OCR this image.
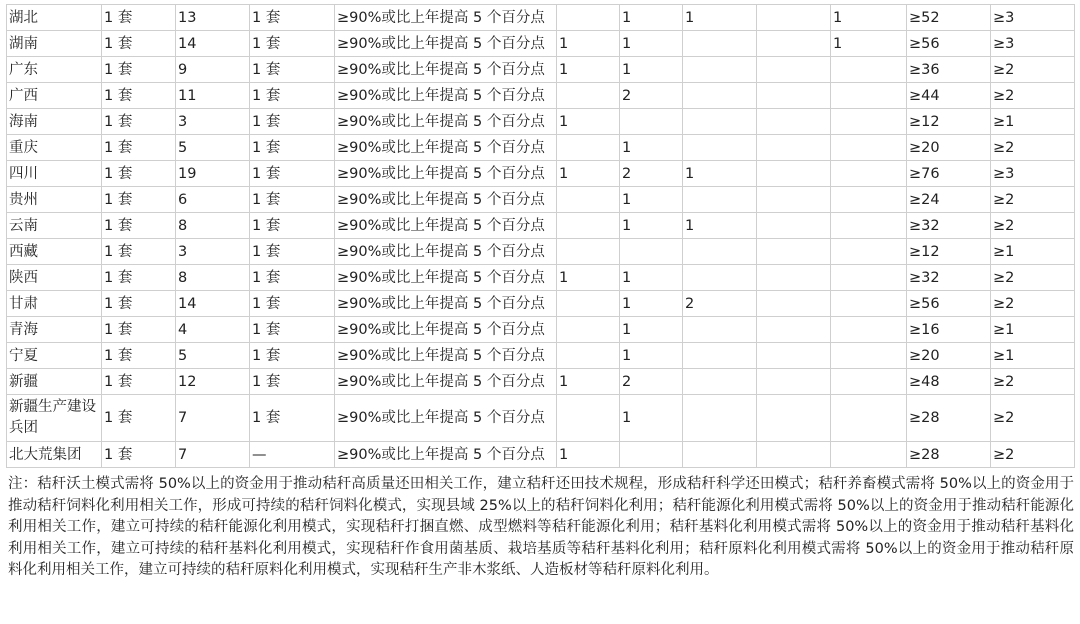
湖北	1 套	13	1 套	≥90%或比上年提高 5 个百分点		1	1		1	≥52	≥3
湖南	1 套	14	1 套	≥90%或比上年提高 5 个百分点	1	1			1	≥56	≥3
广东	1 套	9	1 套	≥90%或比上年提高 5 个百分点	1	1				≥36	≥2
广西	1 套	11	1 套	≥90%或比上年提高 5 个百分点		2				≥44	≥2
海南	1 套	3	1 套	≥90%或比上年提高 5 个百分点	1					≥12	≥1
重庆	1 套	5	1 套	≥90%或比上年提高 5 个百分点		1				≥20	≥2
四川	1 套	19	1 套	≥90%或比上年提高 5 个百分点	1	2	1			≥76	≥3
贵州	1 套	6	1 套	≥90%或比上年提高 5 个百分点		1				≥24	≥2
云南	1 套	8	1 套	≥90%或比上年提高 5 个百分点		1	1			≥32	≥2
西藏	1 套	3	1 套	≥90%或比上年提高 5 个百分点						≥12	≥1
陕西	1 套	8	1 套	≥90%或比上年提高 5 个百分点	1	1				≥32	≥2
甘肃	1 套	14	1 套	≥90%或比上年提高 5 个百分点		1	2			≥56	≥2
青海	1 套	4	1 套	≥90%或比上年提高 5 个百分点		1				≥16	≥1
宁夏	1 套	5	1 套	≥90%或比上年提高 5 个百分点		1				≥20	≥1
新疆	1 套	12	1 套	≥90%或比上年提高 5 个百分点	1	2				≥48	≥2
新疆生产建设兵团	1 套	7	1 套	≥90%或比上年提高 5 个百分点		1				≥28	≥2
北大荒集团	1 套	7	—	≥90%或比上年提高 5 个百分点	1					≥28	≥2
注：秸秆沃土模式需将 50%以上的资金用于推动秸秆高质量还田相关工作，建立秸秆还田技术规程，形成秸秆科学还田模式；秸秆养畜模式需将 50%以上的资金用于推动秸秆饲料化利用相关工作，形成可持续的秸秆饲料化模式，实现县域 25%以上的秸秆饲料化利用；秸秆能源化利用模式需将 50%以上的资金用于推动秸秆能源化利用相关工作，建立可持续的秸秆能源化利用模式，实现秸秆打捆直燃、成型燃料等秸秆能源化利用；秸秆基料化利用模式需将 50%以上的资金用于推动秸秆基料化利用相关工作，建立可持续的秸秆基料化利用模式，实现秸秆作食用菌基质、栽培基质等秸秆基料化利用；秸秆原料化利用模式需将 50%以上的资金用于推动秸秆原料化利用相关工作，建立可持续的秸秆原料化利用模式，实现秸秆生产非木浆纸、人造板材等秸秆原料化利用。
